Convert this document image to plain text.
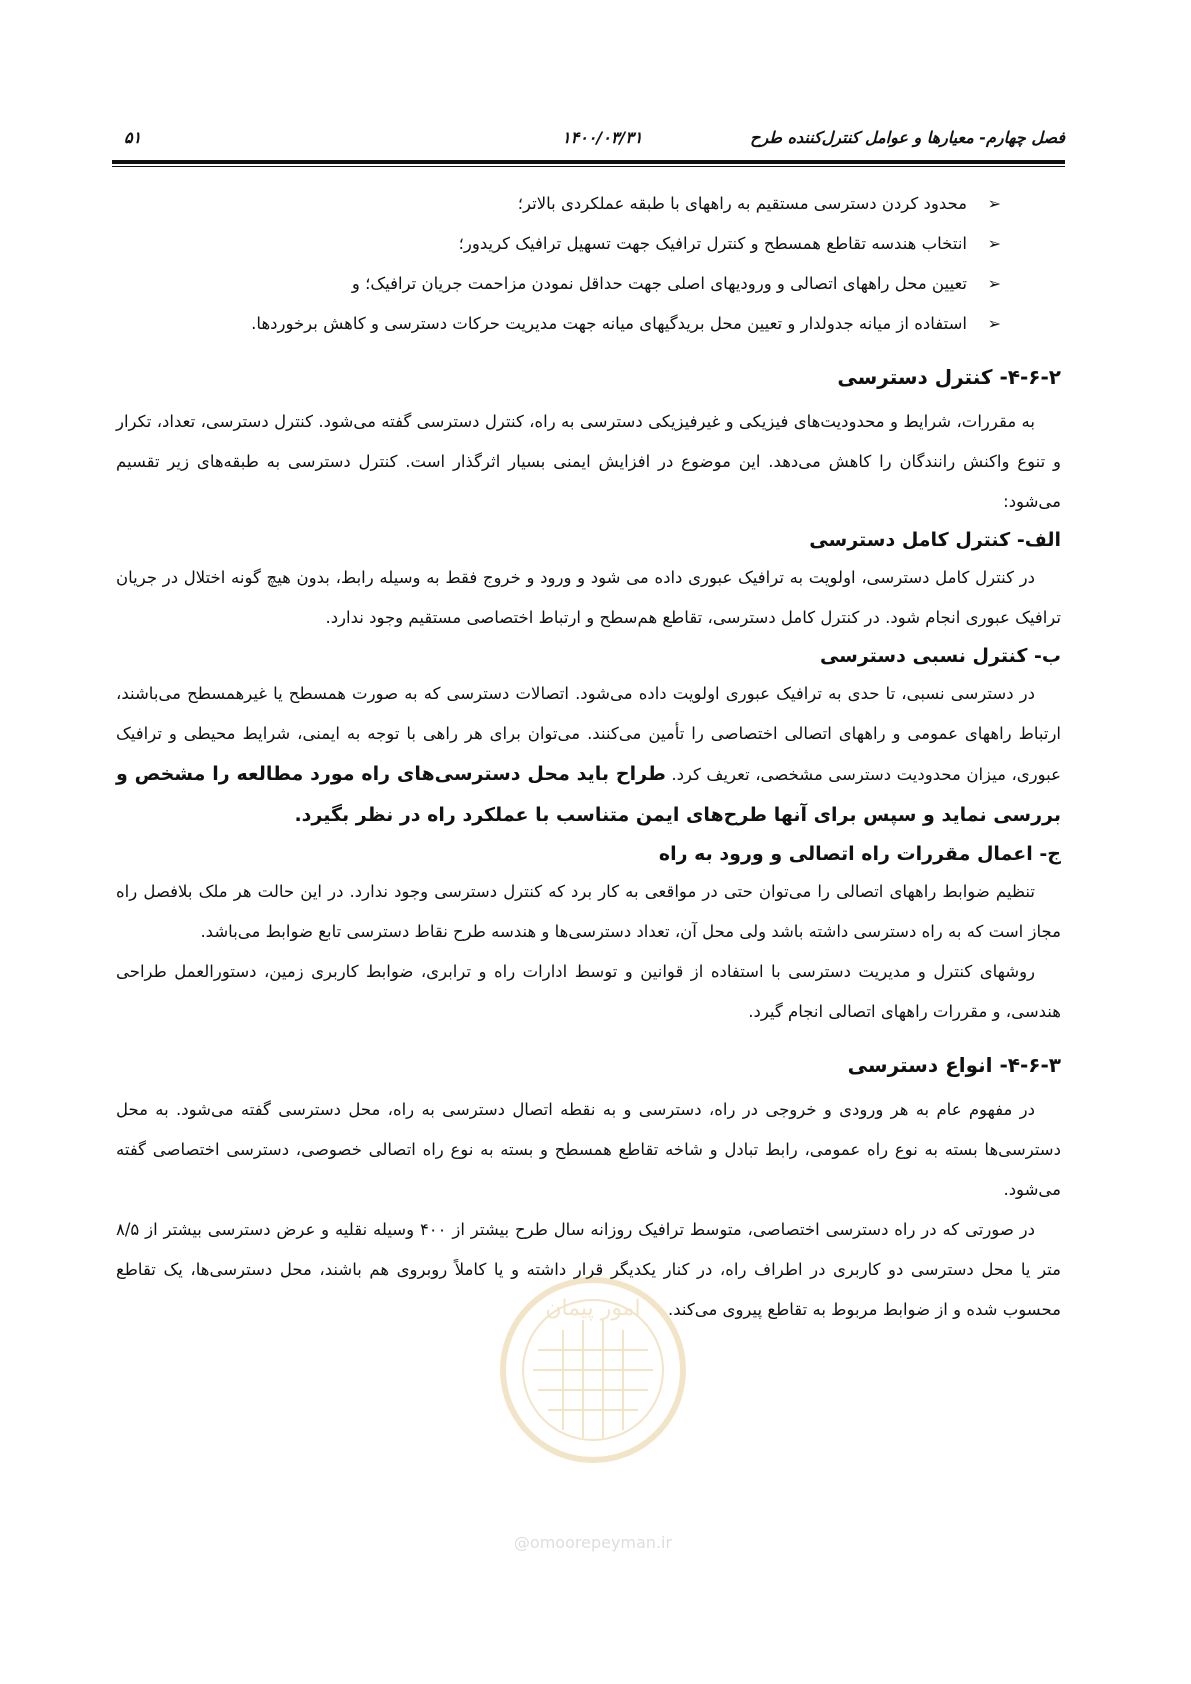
فصل چهارم- معیارها و عوامل کنترل‌کننده طرح
۱۴۰۰/۰۳/۳۱
۵۱
➢
محدود کردن دسترسی مستقیم به راههای با طبقه عملکردی بالاتر؛
➢
انتخاب هندسه تقاطع همسطح و کنترل ترافیک جهت تسهیل ترافیک کریدور؛
➢
تعیین محل راههای اتصالی و ورودیهای اصلی جهت حداقل نمودن مزاحمت جریان ترافیک؛ و
➢
استفاده از میانه جدولدار و تعیین محل بریدگیهای میانه جهت مدیریت حرکات دسترسی و کاهش برخوردها.
۴-۶-۲- کنترل دسترسی

به مقررات، شرایط و محدودیت‌های فیزیکی و غیرفیزیکی دسترسی به راه، کنترل دسترسی گفته می‌شود. کنترل دسترسی، تعداد، تکرار و تنوع واکنش رانندگان را کاهش می‌دهد. این موضوع در افزایش ایمنی بسیار اثرگذار است. کنترل دسترسی به طبقه‌های زیر تقسیم می‌شود:

الف- کنترل کامل دسترسی

در کنترل کامل دسترسی، اولویت به ترافیک عبوری داده می شود و ورود و خروج فقط به وسیله رابط، بدون هیچ گونه اختلال در جریان ترافیک عبوری انجام شود. در کنترل کامل دسترسی، تقاطع هم‌سطح و ارتباط اختصاصی مستقیم وجود ندارد.

ب- کنترل نسبی دسترسی

در دسترسی نسبی، تا حدی به ترافیک عبوری اولویت داده می‌شود. اتصالات دسترسی که به صورت همسطح یا غیرهمسطح می‌باشند، ارتباط راههای عمومی و راههای اتصالی اختصاصی را تأمین می‌کنند. می‌توان برای هر راهی با توجه به ایمنی، شرایط محیطی و ترافیک عبوری، میزان محدودیت دسترسی مشخصی، تعریف کرد. طراح باید محل دسترسی‌های راه مورد مطالعه را مشخص و بررسی نماید و سپس برای آنها طرح‌های ایمن متناسب با عملکرد راه در نظر بگیرد.

ج- اعمال مقررات راه اتصالی و ورود به راه

تنظیم ضوابط راههای اتصالی را می‌توان حتی در مواقعی به کار برد که کنترل دسترسی وجود ندارد. در این حالت هر ملک بلافصل راه مجاز است که به راه دسترسی داشته باشد ولی محل آن، تعداد دسترسی‌ها و هندسه طرح نقاط دسترسی تابع ضوابط می‌باشد.

روشهای کنترل و مدیریت دسترسی با استفاده از قوانین و توسط ادارات راه و ترابری، ضوابط کاربری زمین، دستورالعمل طراحی هندسی، و مقررات راههای اتصالی انجام گیرد.

۴-۶-۳- انواع دسترسی

در مفهوم عام به هر ورودی و خروجی در راه، دسترسی و به نقطه اتصال دسترسی به راه، محل دسترسی گفته می‌شود. به محل دسترسی‌ها بسته به نوع راه عمومی، رابط تبادل و شاخه تقاطع همسطح و بسته به نوع راه اتصالی خصوصی، دسترسی اختصاصی گفته می‌شود.

در صورتی که در راه دسترسی اختصاصی، متوسط ترافیک روزانه سال طرح بیشتر از ۴۰۰ وسیله نقلیه و عرض دسترسی بیشتر از ۸/۵ متر یا محل دسترسی دو کاربری در اطراف راه، در کنار یکدیگر قرار داشته و یا کاملاً روبروی هم باشند، محل دسترسی‌ها، یک تقاطع محسوب شده و از ضوابط مربوط به تقاطع پیروی می‌کند.

امور پیمان
@omoorepeyman.ir
